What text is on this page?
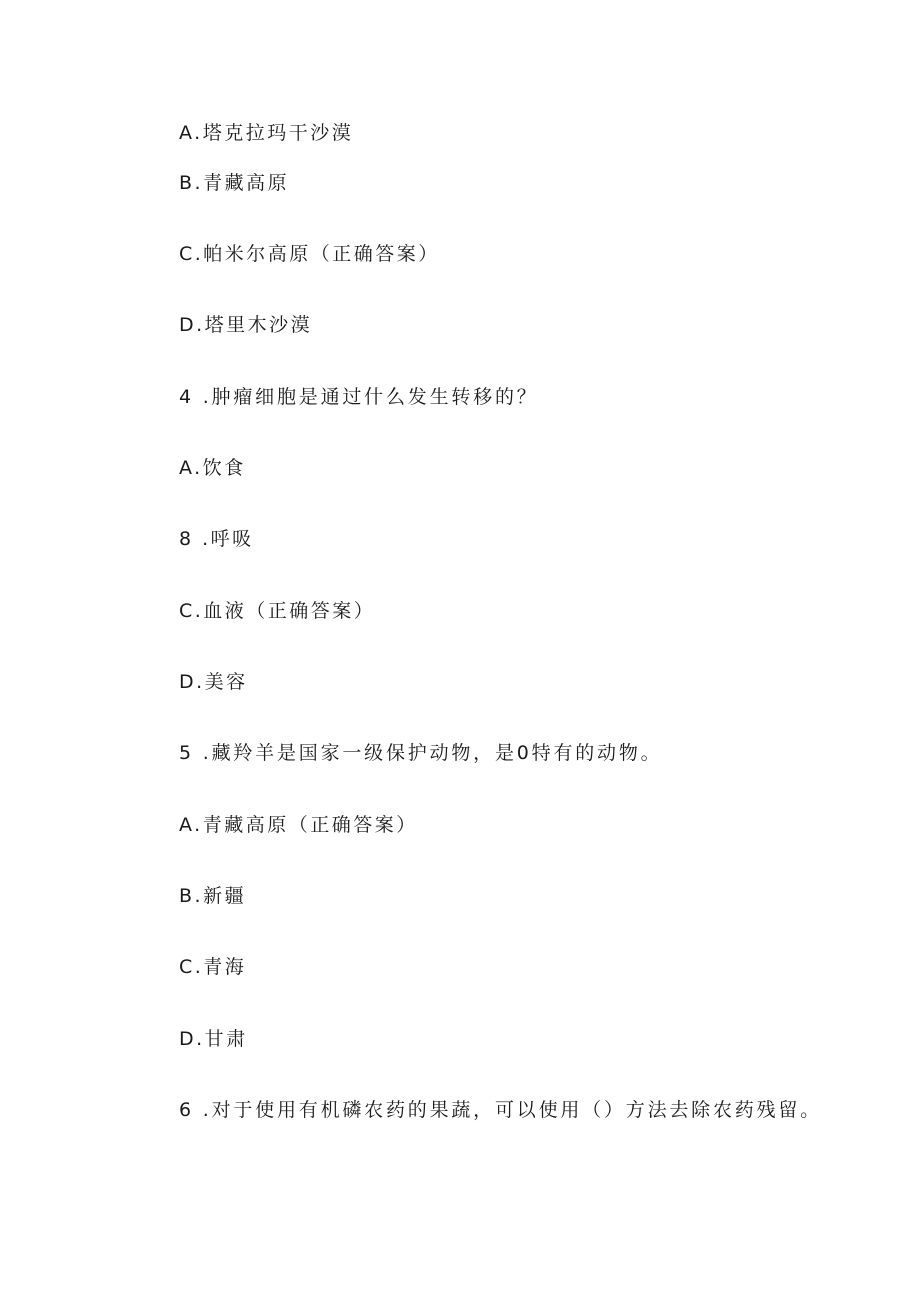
A.塔克拉玛干沙漠
B.青藏高原
C.帕米尔高原（正确答案）
D.塔里木沙漠
4 .肿瘤细胞是通过什么发生转移的？
A.饮食
8 .呼吸
C.血液（正确答案）
D.美容
5 .藏羚羊是国家一级保护动物，是0特有的动物。
A.青藏高原（正确答案）
B.新疆
C.青海
D.甘肃
6 .对于使用有机磷农药的果蔬，可以使用（）方法去除农药残留。
